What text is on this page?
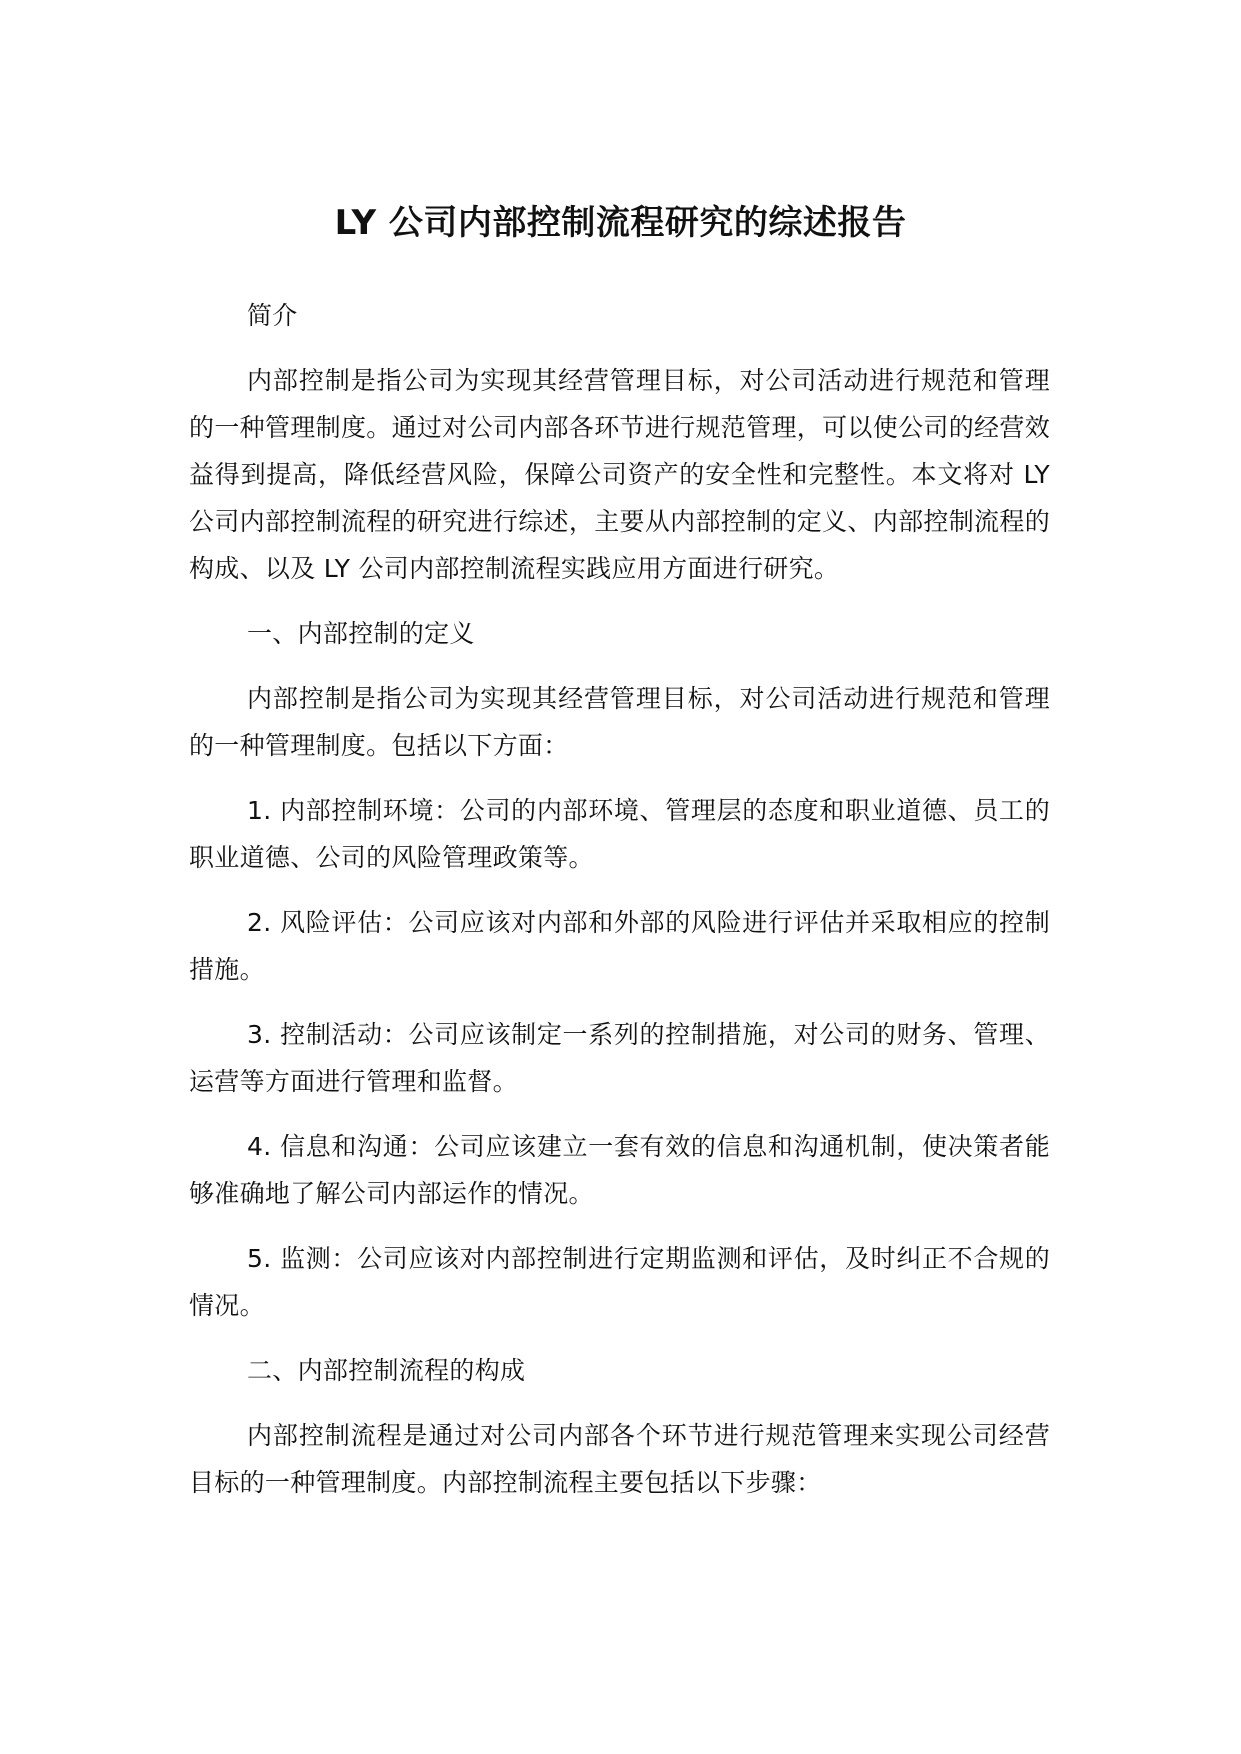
LY 公司内部控制流程研究的综述报告

简介

内部控制是指公司为实现其经营管理目标，对公司活动进行规范和管理的一种管理制度。通过对公司内部各环节进行规范管理，可以使公司的经营效益得到提高，降低经营风险，保障公司资产的安全性和完整性。本文将对 LY 公司内部控制流程的研究进行综述，主要从内部控制的定义、内部控制流程的构成、以及 LY 公司内部控制流程实践应用方面进行研究。

一、内部控制的定义

内部控制是指公司为实现其经营管理目标，对公司活动进行规范和管理的一种管理制度。包括以下方面：

1. 内部控制环境：公司的内部环境、管理层的态度和职业道德、员工的职业道德、公司的风险管理政策等。

2. 风险评估：公司应该对内部和外部的风险进行评估并采取相应的控制措施。

3. 控制活动：公司应该制定一系列的控制措施，对公司的财务、管理、运营等方面进行管理和监督。

4. 信息和沟通：公司应该建立一套有效的信息和沟通机制，使决策者能够准确地了解公司内部运作的情况。

5. 监测：公司应该对内部控制进行定期监测和评估，及时纠正不合规的情况。

二、内部控制流程的构成

内部控制流程是通过对公司内部各个环节进行规范管理来实现公司经营目标的一种管理制度。内部控制流程主要包括以下步骤：
